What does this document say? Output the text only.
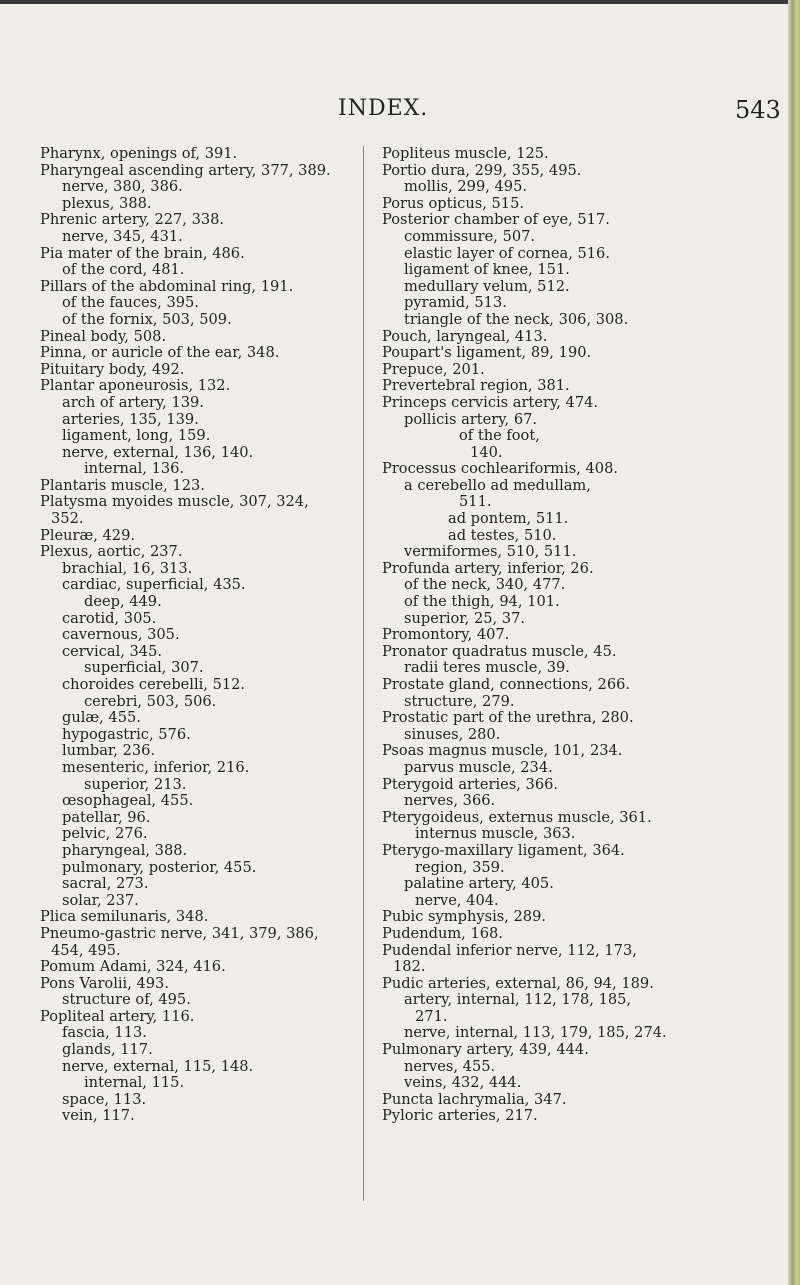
INDEX.	543
Pharynx, openings of, 391.
Pharyngeal ascending artery, 377, 389.
nerve, 380, 386.
plexus, 388.
Phrenic artery, 227, 338.
nerve, 345, 431.
Pia mater of the brain, 486.
of the cord, 481.
Pillars of the abdominal ring, 191.
of the fauces, 395.
of the fornix, 503, 509.
Pineal body, 508.
Pinna, or auricle of the ear, 348.
Pituitary body, 492.
Plantar aponeurosis, 132.
arch of artery, 139.
arteries, 135, 139.
ligament, long, 159.
nerve, external, 136, 140.
internal, 136.
Plantaris muscle, 123.
Platysma myoides muscle, 307, 324,
352.
Pleuræ, 429.
Plexus, aortic, 237.
brachial, 16, 313.
cardiac, superficial, 435.
deep, 449.
carotid, 305.
cavernous, 305.
cervical, 345.
superficial, 307.
choroides cerebelli, 512.
cerebri, 503, 506.
gulæ, 455.
hypogastric, 576.
lumbar, 236.
mesenteric, inferior, 216.
superior, 213.
œsophageal, 455.
patellar, 96.
pelvic, 276.
pharyngeal, 388.
pulmonary, posterior, 455.
sacral, 273.
solar, 237.
Plica semilunaris, 348.
Pneumo-gastric nerve, 341, 379, 386,
454, 495.
Pomum Adami, 324, 416.
Pons Varolii, 493.
structure of, 495.
Popliteal artery, 116.
fascia, 113.
glands, 117.
nerve, external, 115, 148.
internal, 115.
space, 113.
vein, 117.
Popliteus muscle, 125.
Portio dura, 299, 355, 495.
mollis, 299, 495.
Porus opticus, 515.
Posterior chamber of eye, 517.
commissure, 507.
elastic layer of cornea, 516.
ligament of knee, 151.
medullary velum, 512.
pyramid, 513.
triangle of the neck, 306, 308.
Pouch, laryngeal, 413.
Poupart's ligament, 89, 190.
Prepuce, 201.
Prevertebral region, 381.
Princeps cervicis artery, 474.
pollicis artery, 67.
of the foot,
140.
Processus cochleariformis, 408.
a cerebello ad medullam,
511.
ad pontem, 511.
ad testes, 510.
vermiformes, 510, 511.
Profunda artery, inferior, 26.
of the neck, 340, 477.
of the thigh, 94, 101.
superior, 25, 37.
Promontory, 407.
Pronator quadratus muscle, 45.
radii teres muscle, 39.
Prostate gland, connections, 266.
structure, 279.
Prostatic part of the urethra, 280.
sinuses, 280.
Psoas magnus muscle, 101, 234.
parvus muscle, 234.
Pterygoid arteries, 366.
nerves, 366.
Pterygoideus, externus muscle, 361.
internus muscle, 363.
Pterygo-maxillary ligament, 364.
region, 359.
palatine artery, 405.
nerve, 404.
Pubic symphysis, 289.
Pudendum, 168.
Pudendal inferior nerve, 112, 173,
182.
Pudic arteries, external, 86, 94, 189.
artery, internal, 112, 178, 185,
271.
nerve, internal, 113, 179, 185, 274.
Pulmonary artery, 439, 444.
nerves, 455.
veins, 432, 444.
Puncta lachrymalia, 347.
Pyloric arteries, 217.
